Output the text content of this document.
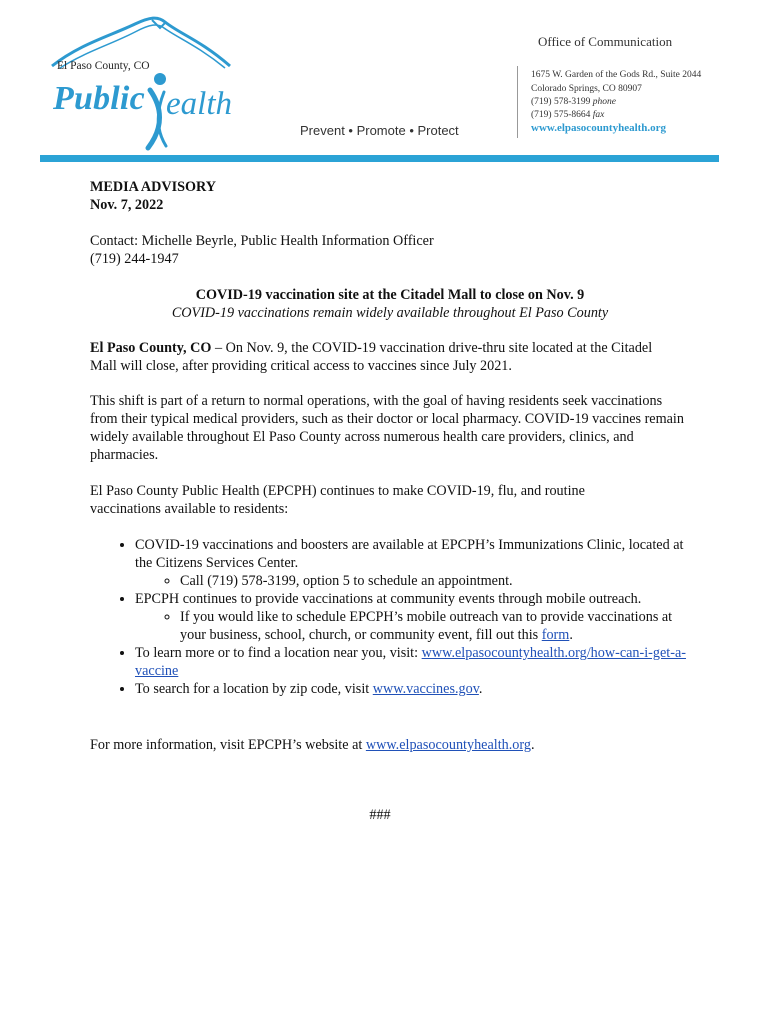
El Paso County, CO
Public ealth
Prevent • Promote • Protect
Office of Communication
1675 W. Garden of the Gods Rd., Suite 2044
Colorado Springs, CO 80907
(719) 578-3199 phone
(719) 575-8664 fax
www.elpasocountyhealth.org
MEDIA ADVISORY
Nov. 7, 2022
Contact: Michelle Beyrle, Public Health Information Officer
(719) 244-1947
COVID-19 vaccination site at the Citadel Mall to close on Nov. 9
COVID-19 vaccinations remain widely available throughout El Paso County
El Paso County, CO – On Nov. 9, the COVID-19 vaccination drive-thru site located at the Citadel Mall will close, after providing critical access to vaccines since July 2021.
This shift is part of a return to normal operations, with the goal of having residents seek vaccinations from their typical medical providers, such as their doctor or local pharmacy. COVID-19 vaccines remain widely available throughout El Paso County across numerous health care providers, clinics, and pharmacies.
El Paso County Public Health (EPCPH) continues to make COVID-19, flu, and routine vaccinations available to residents:
• COVID-19 vaccinations and boosters are available at EPCPH’s Immunizations Clinic, located at the Citizens Services Center.
◦ Call (719) 578-3199, option 5 to schedule an appointment.
• EPCPH continues to provide vaccinations at community events through mobile outreach.
◦ If you would like to schedule EPCPH’s mobile outreach van to provide vaccinations at your business, school, church, or community event, fill out this form.
• To learn more or to find a location near you, visit: www.elpasocountyhealth.org/how-can-i-get-a-vaccine
• To search for a location by zip code, visit www.vaccines.gov.
For more information, visit EPCPH’s website at www.elpasocountyhealth.org.
###
